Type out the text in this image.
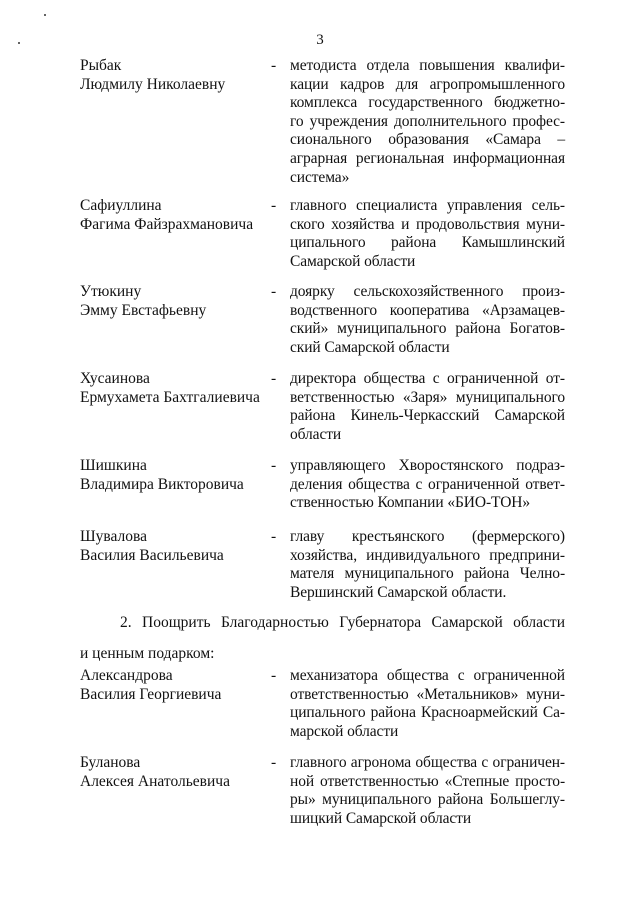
3
Рыбак
Людмилу Николаевну
- методиста отдела повышения квалифи-
кации кадров для агропромышленного
комплекса государственного бюджетно-
го учреждения дополнительного профес-
сионального образования «Самара –
аграрная региональная информационная
система»
Сафиуллина
Фагима Файзрахмановича
- главного специалиста управления сель-
ского хозяйства и продовольствия муни-
ципального района Камышлинский
Самарской области
Утюкину
Эмму Евстафьевну
- доярку сельскохозяйственного произ-
водственного кооператива «Арзамацев-
ский» муниципального района Богатов-
ский Самарской области
Хусаинова
Ермухамета Бахтгалиевича
- директора общества с ограниченной от-
ветственностью «Заря» муниципального
района Кинель-Черкасский Самарской
области
Шишкина
Владимира Викторовича
- управляющего Хворостянского подраз-
деления общества с ограниченной ответ-
ственностью Компании «БИО-ТОН»
Шувалова
Василия Васильевича
- главу крестьянского (фермерского)
хозяйства, индивидуального предприни-
мателя муниципального района Челно-
Вершинский Самарской области.
2. Поощрить Благодарностью Губернатора Самарской области
и ценным подарком:
Александрова
Василия Георгиевича
- механизатора общества с ограниченной
ответственностью «Метальников» муни-
ципального района Красноармейский Са-
марской области
Буланова
Алексея Анатольевича
- главного агронома общества с ограничен-
ной ответственностью «Степные просто-
ры» муниципального района Большеглу-
шицкий Самарской области
